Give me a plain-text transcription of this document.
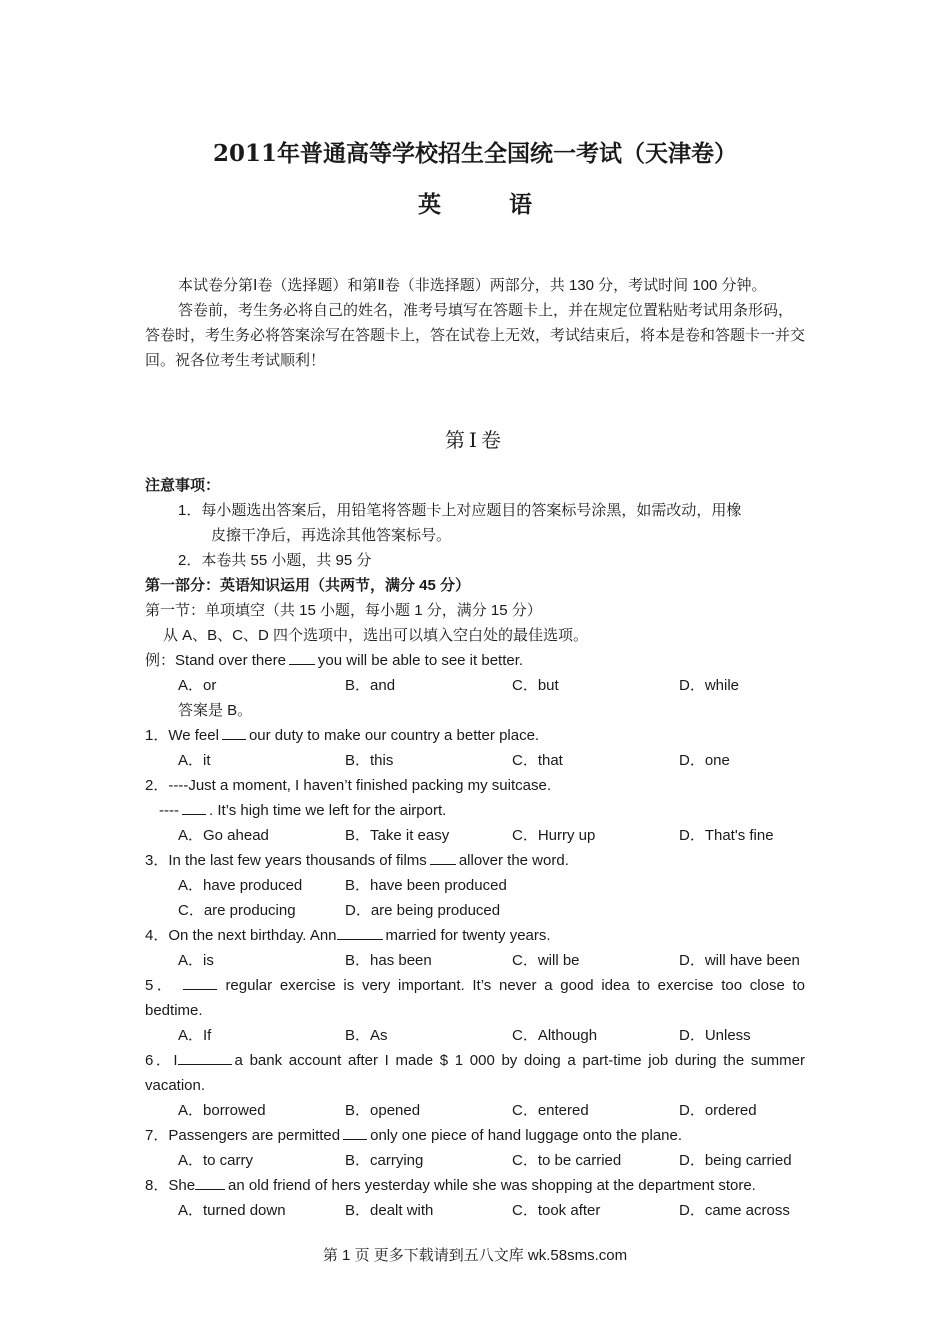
2011年普通高等学校招生全国统一考试（天津卷）
英 语

本试卷分第Ⅰ卷（选择题）和第Ⅱ卷（非选择题）两部分，共 130 分，考试时间 100 分钟。

答卷前，考生务必将自己的姓名，准考号填写在答题卡上，并在规定位置粘贴考试用条形码，答卷时，考生务必将答案涂写在答题卡上，答在试卷上无效，考试结束后，将本是卷和答题卡一并交回。祝各位考生考试顺利！

第Ⅰ卷
注意事项：
1．每小题选出答案后，用铅笔将答题卡上对应题目的答案标号涂黑，如需改动，用橡
皮擦干净后，再选涂其他答案标号。
2．本卷共 55 小题，共 95 分
第一部分：英语知识运用（共两节，满分 45 分）
第一节：单项填空（共 15 小题，每小题 1 分，满分 15 分）
从 A、B、C、D 四个选项中，选出可以填入空白处的最佳选项。
例：Stand over there you will be able to see it better.
A．or	B．and	C．but	D．while
答案是 B。
1．We feel our duty to make our country a better place.
A．it	B．this	C．that	D．one
2．----Just a moment, I haven’t finished packing my suitcase.
---- . It’s high time we left for the airport.
A．Go ahead	B．Take it easy	C．Hurry up	D．That's fine
3．In the last few years thousands of films allover the word.
A．have produced	B．have been produced
C．are producing	D．are being produced
4．On the next birthday. Ann	married for twenty years.
A．is	B．has been	C．will be	D．will have been
5．	regular exercise is very important. It’s never a good idea to exercise too close to bedtime.
A．If	B．As	C．Although	D．Unless
6．I	a bank account after I made $ 1 000 by doing a part-time job during the summer vacation.
A．borrowed	B．opened	C．entered	D．ordered
7．Passengers are permitted only one piece of hand luggage onto the plane.
A．to carry	B．carrying	C．to be carried	D．being carried
8．She an old friend of hers yesterday while she was shopping at the department store.
A．turned down	B．dealt with	C．took after	D．came across
第 1 页 更多下载请到五八文库 wk.58sms.com
